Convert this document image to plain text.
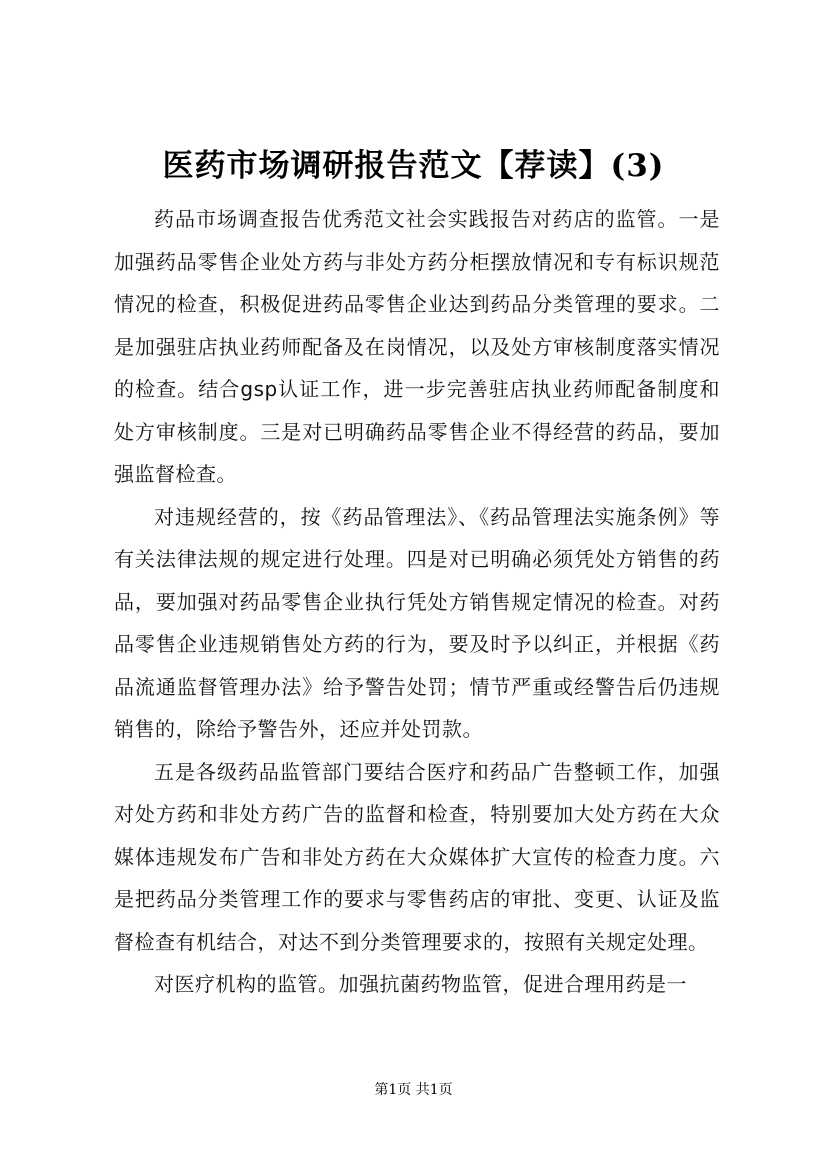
医药市场调研报告范文【荐读】(3)

药品市场调查报告优秀范文社会实践报告对药店的监管。一是加强药品零售企业处方药与非处方药分柜摆放情况和专有标识规范情况的检查，积极促进药品零售企业达到药品分类管理的要求。二是加强驻店执业药师配备及在岗情况，以及处方审核制度落实情况的检查。结合gsp认证工作，进一步完善驻店执业药师配备制度和处方审核制度。三是对已明确药品零售企业不得经营的药品，要加强监督检查。

对违规经营的，按《药品管理法》、《药品管理法实施条例》等有关法律法规的规定进行处理。四是对已明确必须凭处方销售的药品，要加强对药品零售企业执行凭处方销售规定情况的检查。对药品零售企业违规销售处方药的行为，要及时予以纠正，并根据《药品流通监督管理办法》给予警告处罚；情节严重或经警告后仍违规销售的，除给予警告外，还应并处罚款。

五是各级药品监管部门要结合医疗和药品广告整顿工作，加强对处方药和非处方药广告的监督和检查，特别要加大处方药在大众媒体违规发布广告和非处方药在大众媒体扩大宣传的检查力度。六是把药品分类管理工作的要求与零售药店的审批、变更、认证及监督检查有机结合，对达不到分类管理要求的，按照有关规定处理。

对医疗机构的监管。加强抗菌药物监管，促进合理用药是一

第1页 共1页
